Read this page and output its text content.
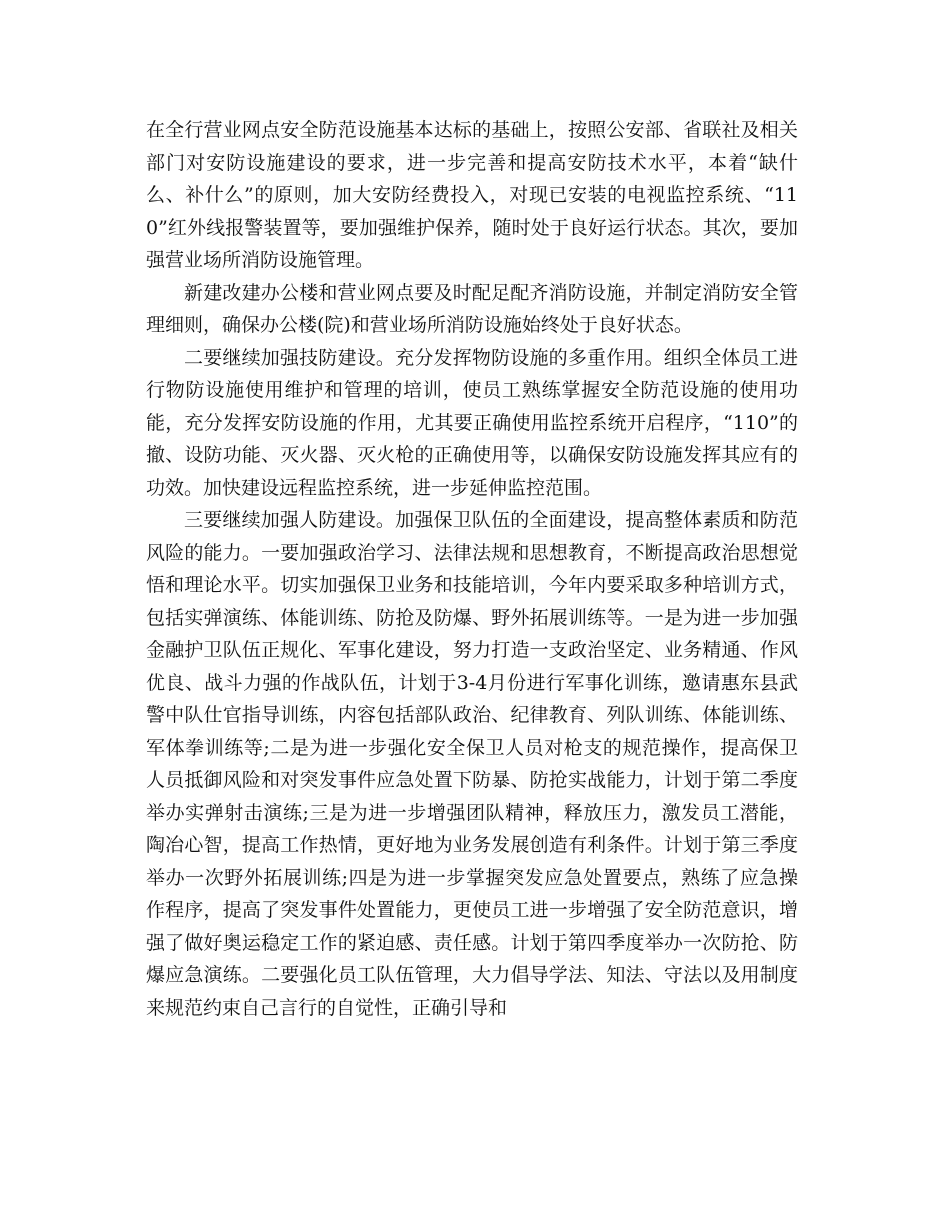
在全行营业网点安全防范设施基本达标的基础上，按照公安部、省联社及相关部门对安防设施建设的要求，进一步完善和提高安防技术水平，本着“缺什么、补什么”的原则，加大安防经费投入，对现已安装的电视监控系统、“110”红外线报警装置等，要加强维护保养，随时处于良好运行状态。其次，要加强营业场所消防设施管理。

新建改建办公楼和营业网点要及时配足配齐消防设施，并制定消防安全管理细则，确保办公楼(院)和营业场所消防设施始终处于良好状态。

二要继续加强技防建设。充分发挥物防设施的多重作用。组织全体员工进行物防设施使用维护和管理的培训，使员工熟练掌握安全防范设施的使用功能，充分发挥安防设施的作用，尤其要正确使用监控系统开启程序，“110”的撤、设防功能、灭火器、灭火枪的正确使用等，以确保安防设施发挥其应有的功效。加快建设远程监控系统，进一步延伸监控范围。

三要继续加强人防建设。加强保卫队伍的全面建设，提高整体素质和防范风险的能力。一要加强政治学习、法律法规和思想教育，不断提高政治思想觉悟和理论水平。切实加强保卫业务和技能培训，今年内要采取多种培训方式，包括实弹演练、体能训练、防抢及防爆、野外拓展训练等。一是为进一步加强金融护卫队伍正规化、军事化建设，努力打造一支政治坚定、业务精通、作风优良、战斗力强的作战队伍，计划于3-4月份进行军事化训练，邀请惠东县武警中队仕官指导训练，内容包括部队政治、纪律教育、列队训练、体能训练、军体拳训练等;二是为进一步强化安全保卫人员对枪支的规范操作，提高保卫人员抵御风险和对突发事件应急处置下防暴、防抢实战能力，计划于第二季度举办实弹射击演练;三是为进一步增强团队精神，释放压力，激发员工潜能，陶冶心智，提高工作热情，更好地为业务发展创造有利条件。计划于第三季度举办一次野外拓展训练;四是为进一步掌握突发应急处置要点，熟练了应急操作程序，提高了突发事件处置能力，更使员工进一步增强了安全防范意识，增强了做好奥运稳定工作的紧迫感、责任感。计划于第四季度举办一次防抢、防爆应急演练。二要强化员工队伍管理，大力倡导学法、知法、守法以及用制度来规范约束自己言行的自觉性，正确引导和
